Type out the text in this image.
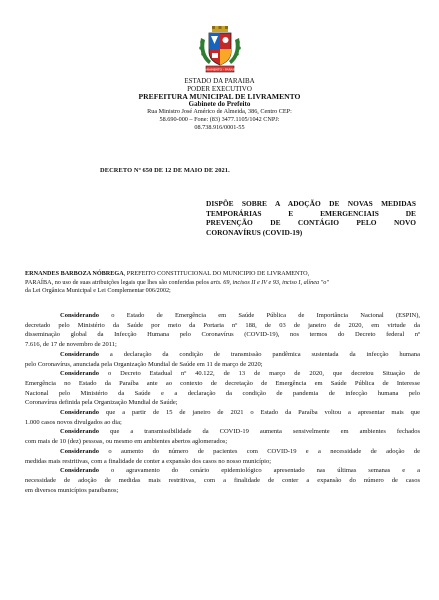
LIVRAMENTO - PARAÍBA
ESTADO DA PARAIBA
PODER EXECUTIVO
PREFEITURA MUNICIPAL DE LIVRAMENTO
Gabinete do Prefeito
Rua Ministro José Américo de Almeida, 386, Centro CEP:
58.690-000 – Fone: (83) 3477.1105/1042 CNPJ:
08.738.916/0001-55
DECRETO Nº 650 DE 12 DE MAIO DE 2021.
DISPÕE SOBRE A ADOÇÃO DE NOVAS MEDIDAS
TEMPORÁRIAS E EMERGENCIAIS DE
PREVENÇÃO DE CONTÁGIO PELO NOVO
CORONAVÍRUS (COVID-19)
ERNANDES BARBOZA NÓBREGA, PREFEITO CONSTITUCIONAL DO MUNICIPIO DE LIVRAMENTO,
PARAÍBA, no uso de suas atribuições legais que lhes são conferidas pelos arts. 69, incisos II e IV e 93, inciso I, alínea "o"
da Lei Orgânica Municipal e Lei Complementar 006/2002;
Considerando o Estado de Emergência em Saúde Pública de Importância Nacional (ESPIN),
decretado pelo Ministério da Saúde por meio da Portaria nº 188, de 03 de janeiro de 2020, em virtude da
disseminação global da Infecção Humana pelo Coronavírus (COVID-19), nos termos do Decreto federal nº
7.616, de 17 de novembro de 2011;
Considerando a declaração da condição de transmissão pandêmica sustentada da infecção humana
pelo Coronavírus, anunciada pela Organização Mundial de Saúde em 11 de março de 2020;
Considerando o Decreto Estadual nº 40.122, de 13 de março de 2020, que decretou Situação de
Emergência no Estado da Paraíba ante ao contexto de decretação de Emergência em Saúde Pública de Interesse
Nacional pelo Ministério da Saúde e a declaração da condição de pandemia de infecção humana pelo
Coronavírus definida pela Organização Mundial de Saúde;
Considerando que a partir de 15 de janeiro de 2021 o Estado da Paraíba voltou a apresentar mais que
1.000 casos novos divulgados ao dia;
Considerando que a transmissibilidade da COVID-19 aumenta sensivelmente em ambientes fechados
com mais de 10 (dez) pessoas, ou mesmo em ambientes abertos aglomerados;
Considerando o aumento do número de pacientes com COVID-19 e a necessidade de adoção de
medidas mais restritivas, com a finalidade de conter a expansão dos casos no nosso município;
Considerando o agravamento do cenário epidemiológico apresentado nas últimas semanas e a
necessidade de adoção de medidas mais restritivas, com a finalidade de conter a expansão do número de casos
em diversos municípios paraibanos;
